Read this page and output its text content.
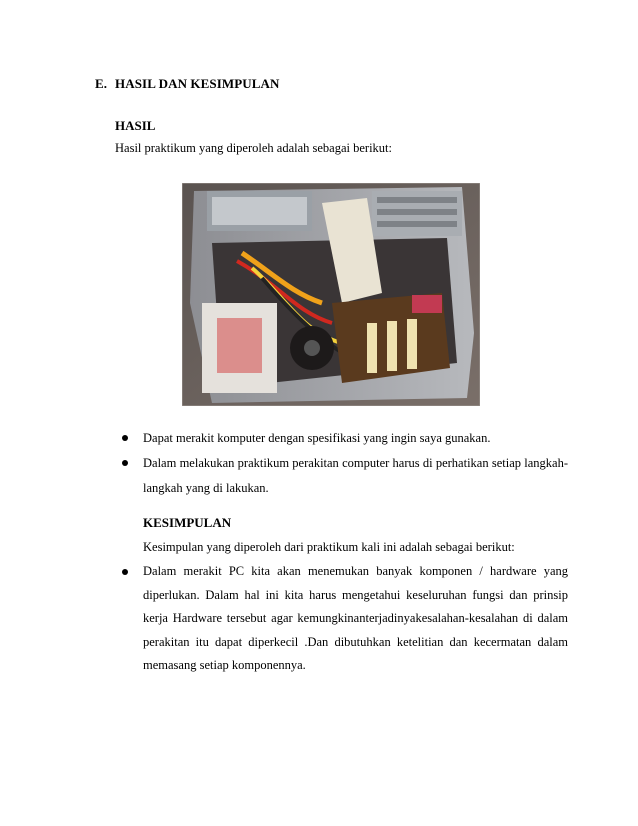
E. HASIL DAN KESIMPULAN
HASIL
Hasil praktikum yang diperoleh adalah sebagai berikut:
Dapat merakit komputer dengan spesifikasi yang ingin saya gunakan.
Dalam melakukan praktikum perakitan computer harus di perhatikan setiap langkah-langkah yang di lakukan.
KESIMPULAN
Kesimpulan yang diperoleh dari praktikum kali ini adalah sebagai berikut:
Dalam merakit PC kita akan menemukan banyak komponen / hardware yang
diperlukan. Dalam hal ini kita harus mengetahui keseluruhan fungsi dan prinsip
kerja Hardware tersebut agar kemungkinanterjadinyakesalahan-kesalahan di dalam
perakitan itu dapat diperkecil .Dan dibutuhkan ketelitian dan kecermatan dalam
memasang setiap komponennya.
